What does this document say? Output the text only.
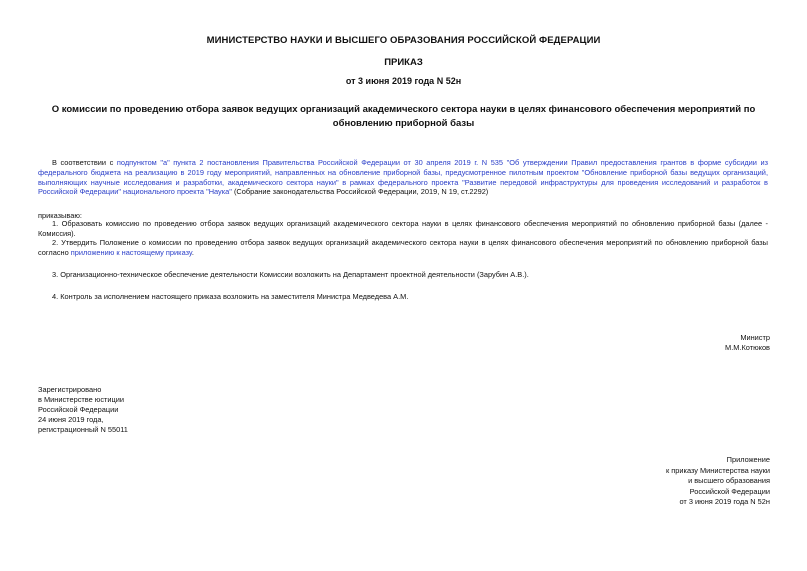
МИНИСТЕРСТВО НАУКИ И ВЫСШЕГО ОБРАЗОВАНИЯ РОССИЙСКОЙ ФЕДЕРАЦИИ
ПРИКАЗ
от 3 июня 2019 года N 52н
О комиссии по проведению отбора заявок ведущих организаций академического сектора науки в целях финансового обеспечения мероприятий по обновлению приборной базы
В соответствии с подпунктом "а" пункта 2 постановления Правительства Российской Федерации от 30 апреля 2019 г. N 535 "Об утверждении Правил предоставления грантов в форме субсидии из федерального бюджета на реализацию в 2019 году мероприятий, направленных на обновление приборной базы, предусмотренное пилотным проектом "Обновление приборной базы ведущих организаций, выполняющих научные исследования и разработки, академического сектора науки" в рамках федерального проекта "Развитие передовой инфраструктуры для проведения исследований и разработок в Российской Федерации" национального проекта "Наука" (Собрание законодательства Российской Федерации, 2019, N 19, ст.2292)
приказываю:
1. Образовать комиссию по проведению отбора заявок ведущих организаций академического сектора науки в целях финансового обеспечения мероприятий по обновлению приборной базы (далее - Комиссия).
2. Утвердить Положение о комиссии по проведению отбора заявок ведущих организаций академического сектора науки в целях финансового обеспечения мероприятий по обновлению приборной базы согласно приложению к настоящему приказу.
3. Организационно-техническое обеспечение деятельности Комиссии возложить на Департамент проектной деятельности (Зарубин А.В.).
4. Контроль за исполнением настоящего приказа возложить на заместителя Министра Медведева А.М.
Министр
М.М.Котюков
Зарегистрировано
в Министерстве юстиции
Российской Федерации
24 июня 2019 года,
регистрационный N 55011
Приложение
к приказу Министерства науки
и высшего образования
Российской Федерации
от 3 июня 2019 года N 52н
